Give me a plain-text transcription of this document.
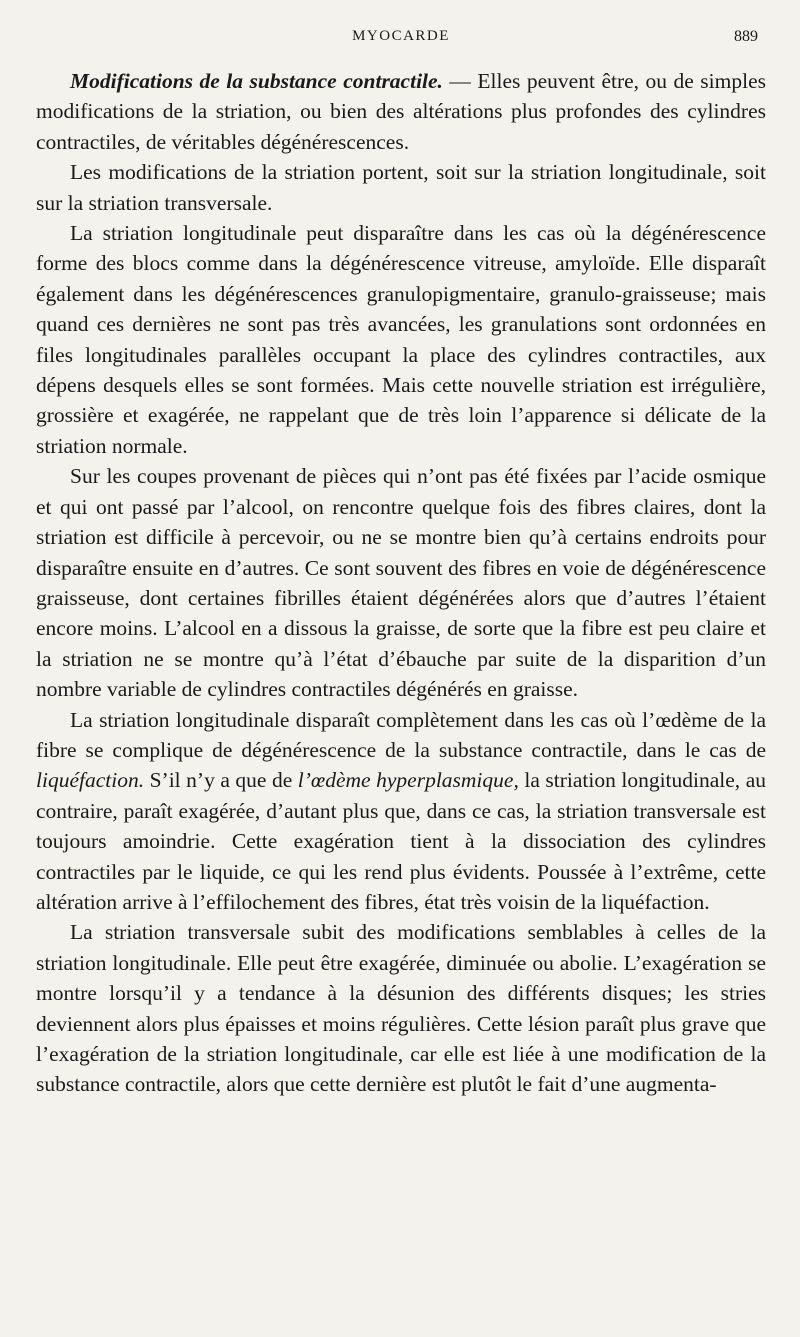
MYOCARDE	889

Modifications de la substance contractile. — Elles peuvent être, ou de simples modifications de la striation, ou bien des altérations plus profondes des cylindres contractiles, de véritables dégénérescences.

Les modifications de la striation portent, soit sur la striation longitudinale, soit sur la striation transversale.

La striation longitudinale peut disparaître dans les cas où la dégénérescence forme des blocs comme dans la dégénérescence vitreuse, amyloïde. Elle disparaît également dans les dégénérescences granulopigmentaire, granulo-graisseuse; mais quand ces dernières ne sont pas très avancées, les granulations sont ordonnées en files longitudinales parallèles occupant la place des cylindres contractiles, aux dépens desquels elles se sont formées. Mais cette nouvelle striation est irrégulière, grossière et exagérée, ne rappelant que de très loin l’apparence si délicate de la striation normale.

Sur les coupes provenant de pièces qui n’ont pas été fixées par l’acide osmique et qui ont passé par l’alcool, on rencontre quelque fois des fibres claires, dont la striation est difficile à percevoir, ou ne se montre bien qu’à certains endroits pour disparaître ensuite en d’autres. Ce sont souvent des fibres en voie de dégénérescence graisseuse, dont certaines fibrilles étaient dégénérées alors que d’autres l’étaient encore moins. L’alcool en a dissous la graisse, de sorte que la fibre est peu claire et la striation ne se montre qu’à l’état d’ébauche par suite de la disparition d’un nombre variable de cylindres contractiles dégénérés en graisse.

La striation longitudinale disparaît complètement dans les cas où l’œdème de la fibre se complique de dégénérescence de la substance contractile, dans le cas de liquéfaction. S’il n’y a que de l’œdème hyperplasmique, la striation longitudinale, au contraire, paraît exagérée, d’autant plus que, dans ce cas, la striation transversale est toujours amoindrie. Cette exagération tient à la dissociation des cylindres contractiles par le liquide, ce qui les rend plus évidents. Poussée à l’extrême, cette altération arrive à l’effilochement des fibres, état très voisin de la liquéfaction.

La striation transversale subit des modifications semblables à celles de la striation longitudinale. Elle peut être exagérée, diminuée ou abolie. L’exagération se montre lorsqu’il y a tendance à la désunion des différents disques; les stries deviennent alors plus épaisses et moins régulières. Cette lésion paraît plus grave que l’exagération de la striation longitudinale, car elle est liée à une modification de la substance contractile, alors que cette dernière est plutôt le fait d’une augmenta-
